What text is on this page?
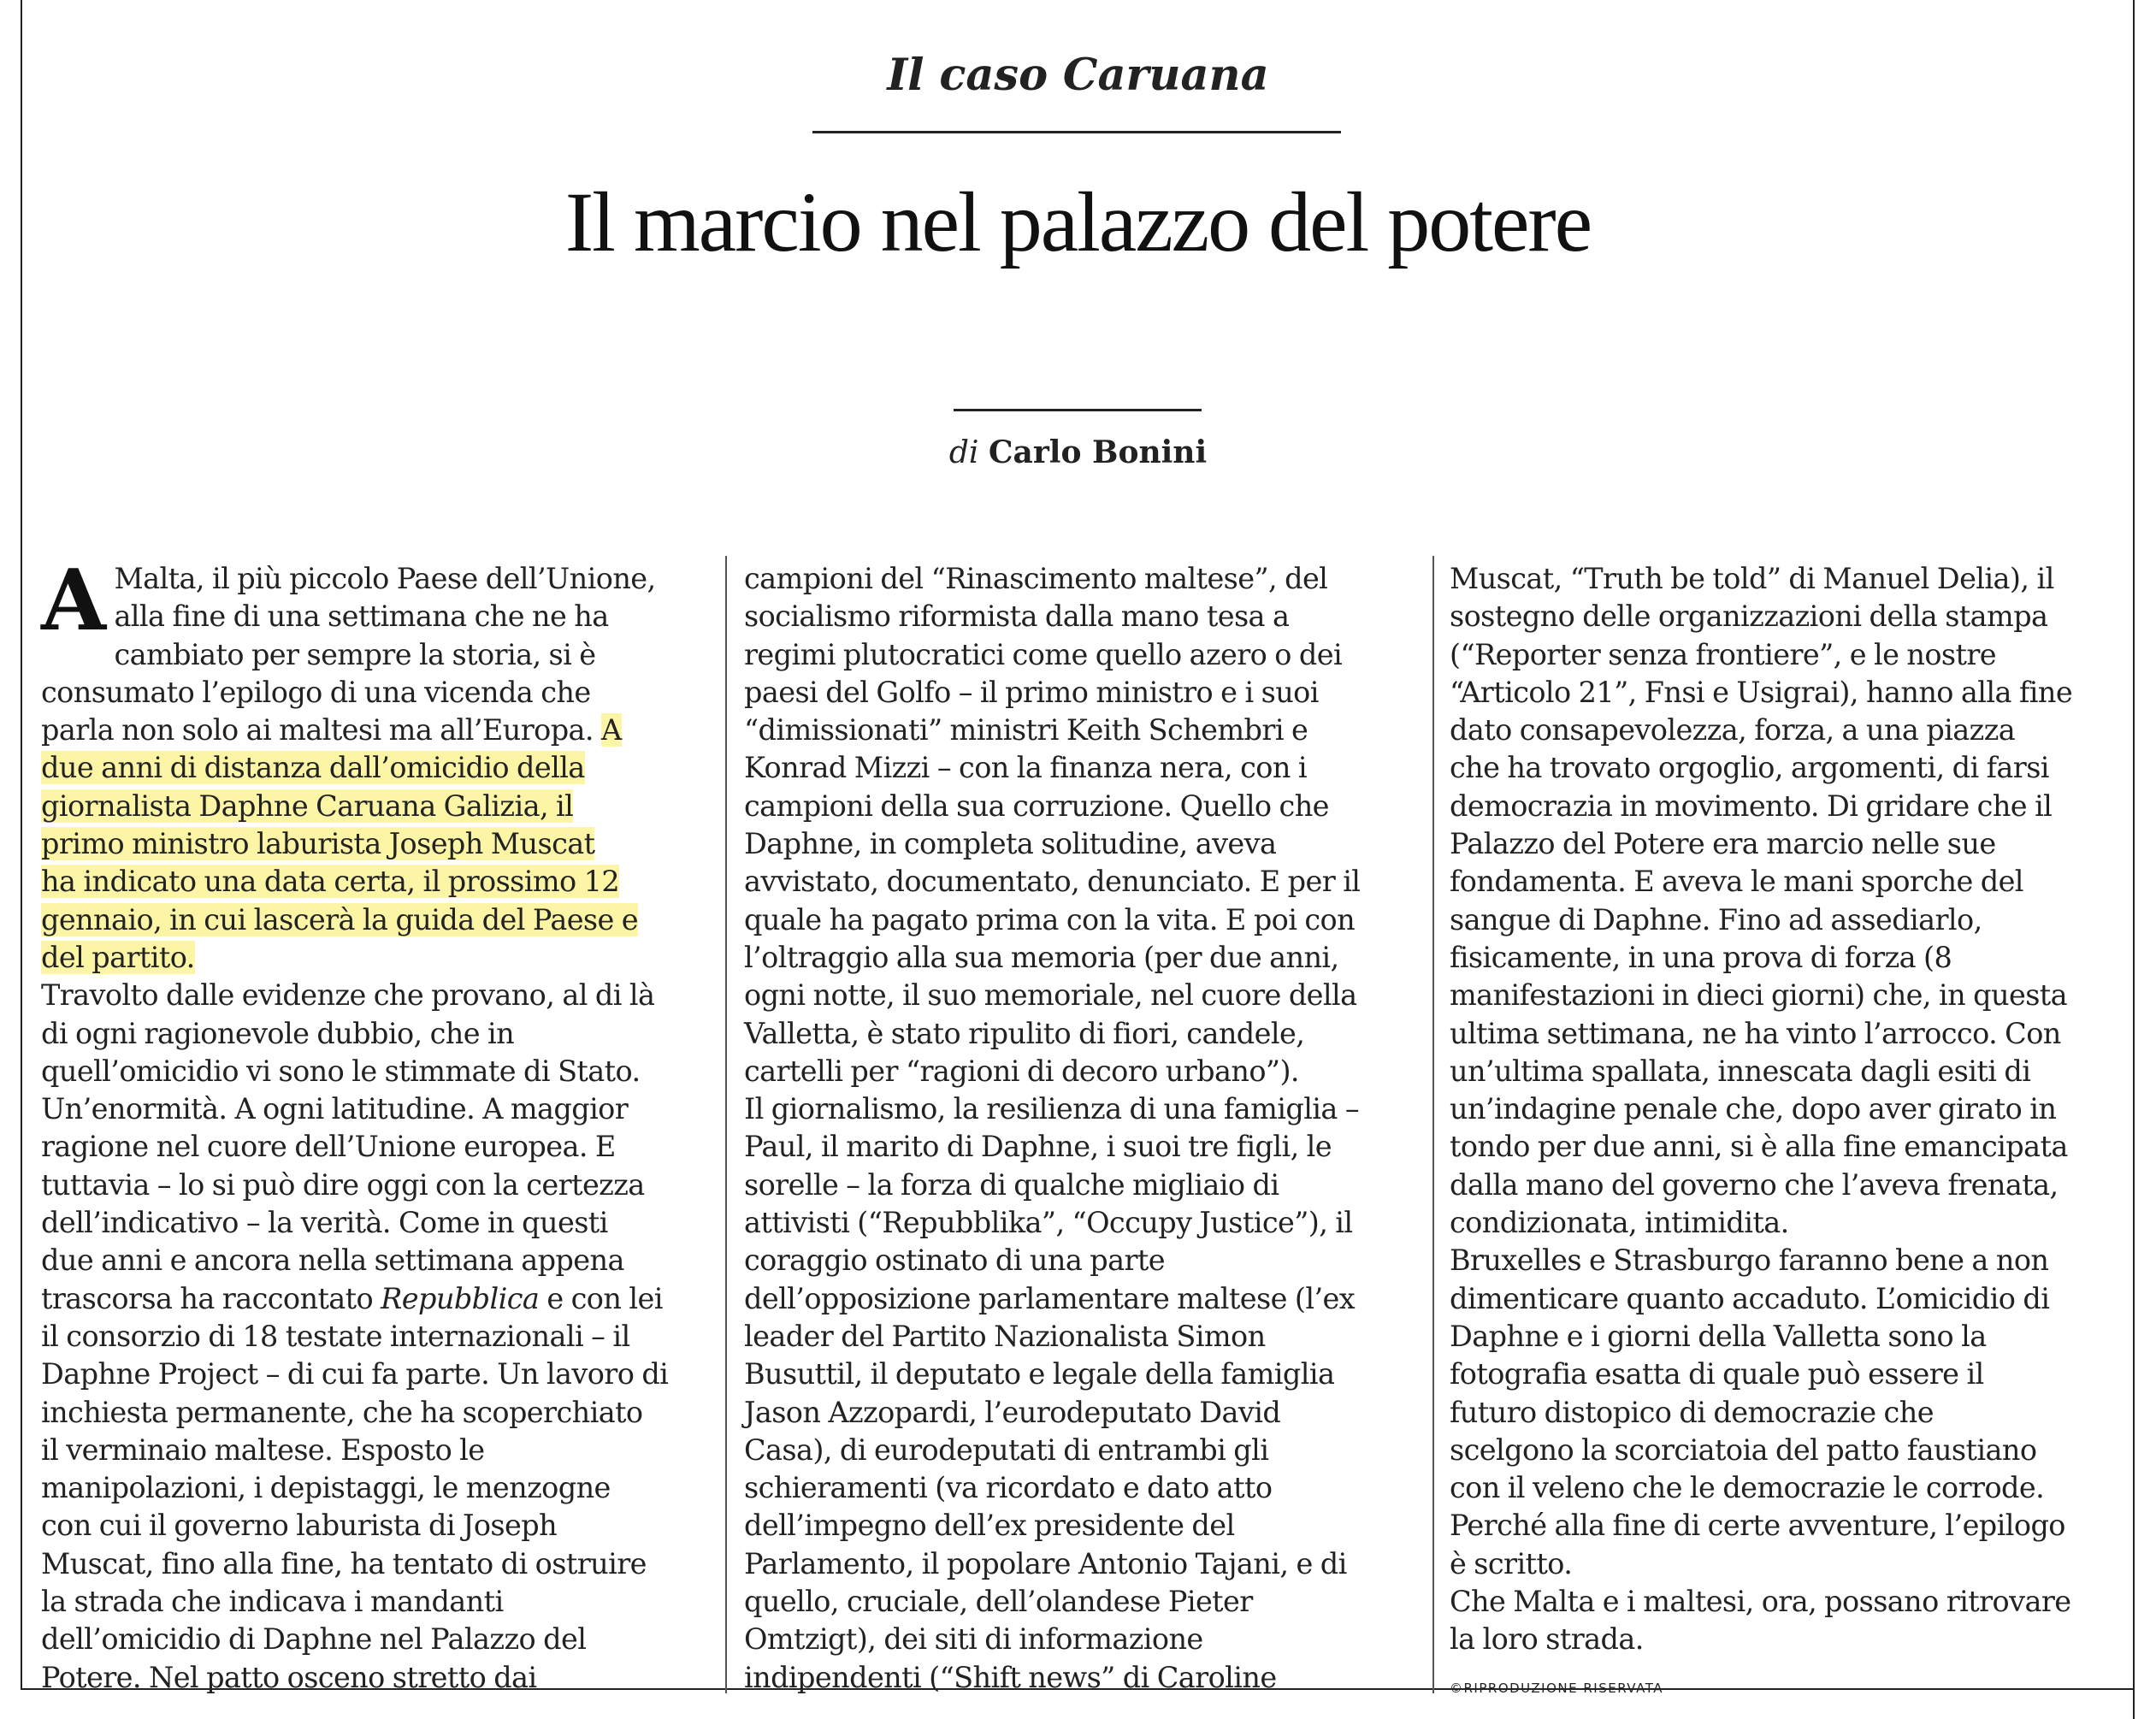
Il caso Caruana
Il marcio nel palazzo del potere
di Carlo Bonini
A Malta, il più piccolo Paese dell’Unione,
alla fine di una settimana che ne ha
cambiato per sempre la storia, si è
consumato l’epilogo di una vicenda che
parla non solo ai maltesi ma all’Europa. A
due anni di distanza dall’omicidio della
giornalista Daphne Caruana Galizia, il
primo ministro laburista Joseph Muscat
ha indicato una data certa, il prossimo 12
gennaio, in cui lascerà la guida del Paese e
del partito.
Travolto dalle evidenze che provano, al di là
di ogni ragionevole dubbio, che in
quell’omicidio vi sono le stimmate di Stato.
Un’enormità. A ogni latitudine. A maggior
ragione nel cuore dell’Unione europea. E
tuttavia – lo si può dire oggi con la certezza
dell’indicativo – la verità. Come in questi
due anni e ancora nella settimana appena
trascorsa ha raccontato Repubblica e con lei
il consorzio di 18 testate internazionali – il
Daphne Project – di cui fa parte. Un lavoro di
inchiesta permanente, che ha scoperchiato
il verminaio maltese. Esposto le
manipolazioni, i depistaggi, le menzogne
con cui il governo laburista di Joseph
Muscat, fino alla fine, ha tentato di ostruire
la strada che indicava i mandanti
dell’omicidio di Daphne nel Palazzo del
Potere. Nel patto osceno stretto dai
campioni del “Rinascimento maltese”, del
socialismo riformista dalla mano tesa a
regimi plutocratici come quello azero o dei
paesi del Golfo – il primo ministro e i suoi
“dimissionati” ministri Keith Schembri e
Konrad Mizzi – con la finanza nera, con i
campioni della sua corruzione. Quello che
Daphne, in completa solitudine, aveva
avvistato, documentato, denunciato. E per il
quale ha pagato prima con la vita. E poi con
l’oltraggio alla sua memoria (per due anni,
ogni notte, il suo memoriale, nel cuore della
Valletta, è stato ripulito di fiori, candele,
cartelli per “ragioni di decoro urbano”).
Il giornalismo, la resilienza di una famiglia –
Paul, il marito di Daphne, i suoi tre figli, le
sorelle – la forza di qualche migliaio di
attivisti (“Repubblika”, “Occupy Justice”), il
coraggio ostinato di una parte
dell’opposizione parlamentare maltese (l’ex
leader del Partito Nazionalista Simon
Busuttil, il deputato e legale della famiglia
Jason Azzopardi, l’eurodeputato David
Casa), di eurodeputati di entrambi gli
schieramenti (va ricordato e dato atto
dell’impegno dell’ex presidente del
Parlamento, il popolare Antonio Tajani, e di
quello, cruciale, dell’olandese Pieter
Omtzigt), dei siti di informazione
indipendenti (“Shift news” di Caroline
Muscat, “Truth be told” di Manuel Delia), il
sostegno delle organizzazioni della stampa
(“Reporter senza frontiere”, e le nostre
“Articolo 21”, Fnsi e Usigrai), hanno alla fine
dato consapevolezza, forza, a una piazza
che ha trovato orgoglio, argomenti, di farsi
democrazia in movimento. Di gridare che il
Palazzo del Potere era marcio nelle sue
fondamenta. E aveva le mani sporche del
sangue di Daphne. Fino ad assediarlo,
fisicamente, in una prova di forza (8
manifestazioni in dieci giorni) che, in questa
ultima settimana, ne ha vinto l’arrocco. Con
un’ultima spallata, innescata dagli esiti di
un’indagine penale che, dopo aver girato in
tondo per due anni, si è alla fine emancipata
dalla mano del governo che l’aveva frenata,
condizionata, intimidita.
Bruxelles e Strasburgo faranno bene a non
dimenticare quanto accaduto. L’omicidio di
Daphne e i giorni della Valletta sono la
fotografia esatta di quale può essere il
futuro distopico di democrazie che
scelgono la scorciatoia del patto faustiano
con il veleno che le democrazie le corrode.
Perché alla fine di certe avventure, l’epilogo
è scritto.
Che Malta e i maltesi, ora, possano ritrovare
la loro strada.
©RIPRODUZIONE RISERVATA
